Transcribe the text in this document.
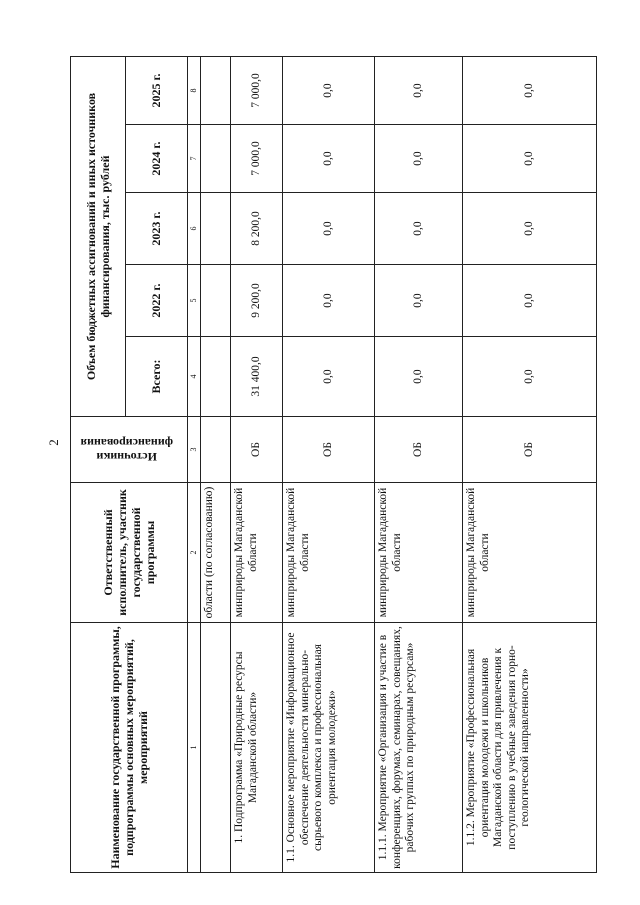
2
Наименование государственной программы, подпрограммы основных мероприятий, мероприятий	Ответственный исполнитель, участник государственной программы	Источники финансирования	Объем бюджетных ассигнований и иных источников финансирования, тыс. рублей				
			Всего:	2022 г.	2023 г.	2024 г.	2025 г.
1	2	3	4	5	6	7	8
	области (по согласованию)						
1. Подпрограмма «Природные ресурсы Магаданской области»	минприроды Магаданской области	ОБ	31 400,0	9 200,0	8 200,0	7 000,0	7 000,0
1.1. Основное мероприятие «Информационное обеспечение деятельности минерально-сырьевого комплекса и профессиональная ориентация молодежи»	минприроды Магаданской области	ОБ	0,0	0,0	0,0	0,0	0,0
1.1.1. Мероприятие «Организация и участие в конференциях, форумах, семинарах, совещаниях, рабочих группах по природным ресурсам»	минприроды Магаданской области	ОБ	0,0	0,0	0,0	0,0	0,0
1.1.2. Мероприятие «Профессиональная ориентация молодежи и школьников Магаданской области для привлечения к поступлению в учебные заведения горно-геологической направленности»	минприроды Магаданской области	ОБ	0,0	0,0	0,0	0,0	0,0
